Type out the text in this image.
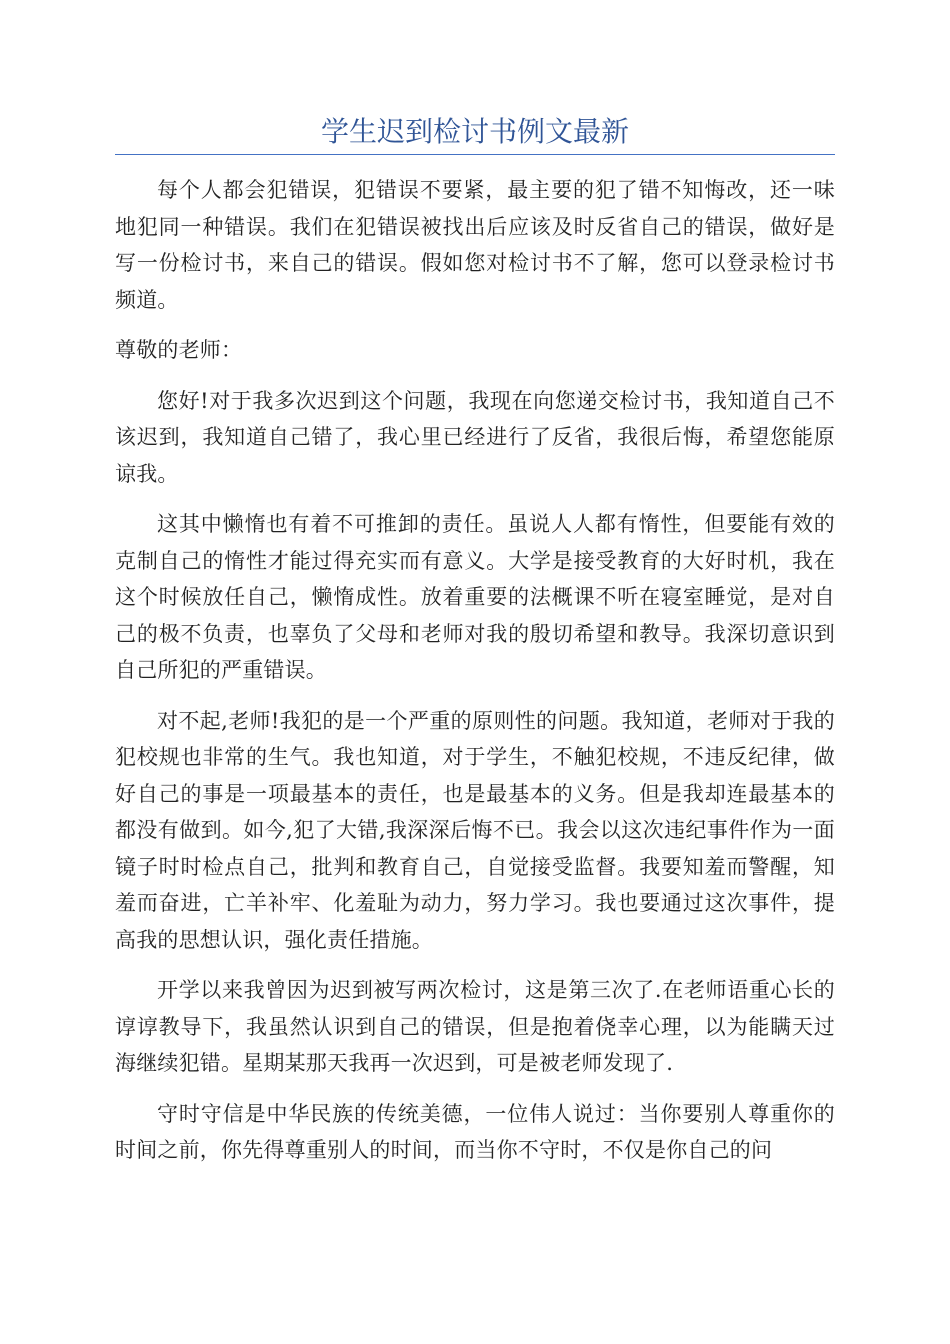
学生迟到检讨书例文最新

每个人都会犯错误，犯错误不要紧，最主要的犯了错不知悔改，还一味地犯同一种错误。我们在犯错误被找出后应该及时反省自己的错误，做好是写一份检讨书，来自己的错误。假如您对检讨书不了解，您可以登录检讨书频道。

尊敬的老师：

您好!对于我多次迟到这个问题，我现在向您递交检讨书，我知道自己不该迟到，我知道自己错了，我心里已经进行了反省，我很后悔，希望您能原谅我。

这其中懒惰也有着不可推卸的责任。虽说人人都有惰性，但要能有效的克制自己的惰性才能过得充实而有意义。大学是接受教育的大好时机，我在这个时候放任自己，懒惰成性。放着重要的法概课不听在寝室睡觉，是对自己的极不负责，也辜负了父母和老师对我的殷切希望和教导。我深切意识到自己所犯的严重错误。

对不起,老师!我犯的是一个严重的原则性的问题。我知道，老师对于我的犯校规也非常的生气。我也知道，对于学生，不触犯校规，不违反纪律，做好自己的事是一项最基本的责任，也是最基本的义务。但是我却连最基本的都没有做到。如今,犯了大错,我深深后悔不已。我会以这次违纪事件作为一面镜子时时检点自己，批判和教育自己，自觉接受监督。我要知羞而警醒，知羞而奋进，亡羊补牢、化羞耻为动力，努力学习。我也要通过这次事件，提高我的思想认识，强化责任措施。

开学以来我曾因为迟到被写两次检讨，这是第三次了.在老师语重心长的谆谆教导下，我虽然认识到自己的错误，但是抱着侥幸心理，以为能瞒天过海继续犯错。星期某那天我再一次迟到，可是被老师发现了.

守时守信是中华民族的传统美德，一位伟人说过：当你要别人尊重你的时间之前，你先得尊重别人的时间，而当你不守时，不仅是你自己的问
